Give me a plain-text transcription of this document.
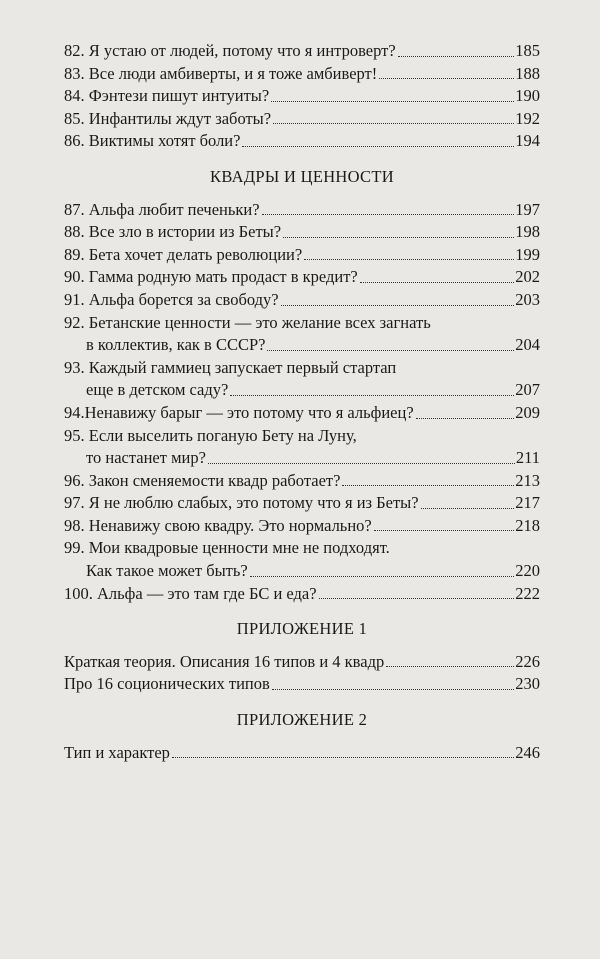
82. Я устаю от людей, потому что я интроверт?	185
83. Все люди амбиверты, и я тоже амбиверт!	188
84. Фэнтези пишут интуиты?	190
85. Инфантилы ждут заботы?	192
86. Виктимы хотят боли?	194
КВАДРЫ И ЦЕННОСТИ
87. Альфа любит печеньки?	197
88. Все зло в истории из Беты?	198
89. Бета хочет делать революции?	199
90. Гамма родную мать продаст в кредит?	202
91. Альфа борется за свободу?	203
92. Бетанские ценности — это желание всех загнать
в коллектив, как в СССР?	204
93. Каждый гаммиец запускает первый стартап
еще в детском саду?	207
94.Ненавижу барыг — это потому что я альфиец?	209
95. Если выселить поганую Бету на Луну,
то настанет мир?	211
96. Закон сменяемости квадр работает?	213
97. Я не люблю слабых, это потому что я из Беты?	217
98. Ненавижу свою квадру. Это нормально?	218
99. Мои квадровые ценности мне не подходят.
Как такое может быть?	220
100. Альфа — это там где БС и еда?	222
ПРИЛОЖЕНИЕ 1
Краткая теория. Описания 16 типов и 4 квадр	226
Про 16 соционических типов	230
ПРИЛОЖЕНИЕ 2
Тип и характер	246
